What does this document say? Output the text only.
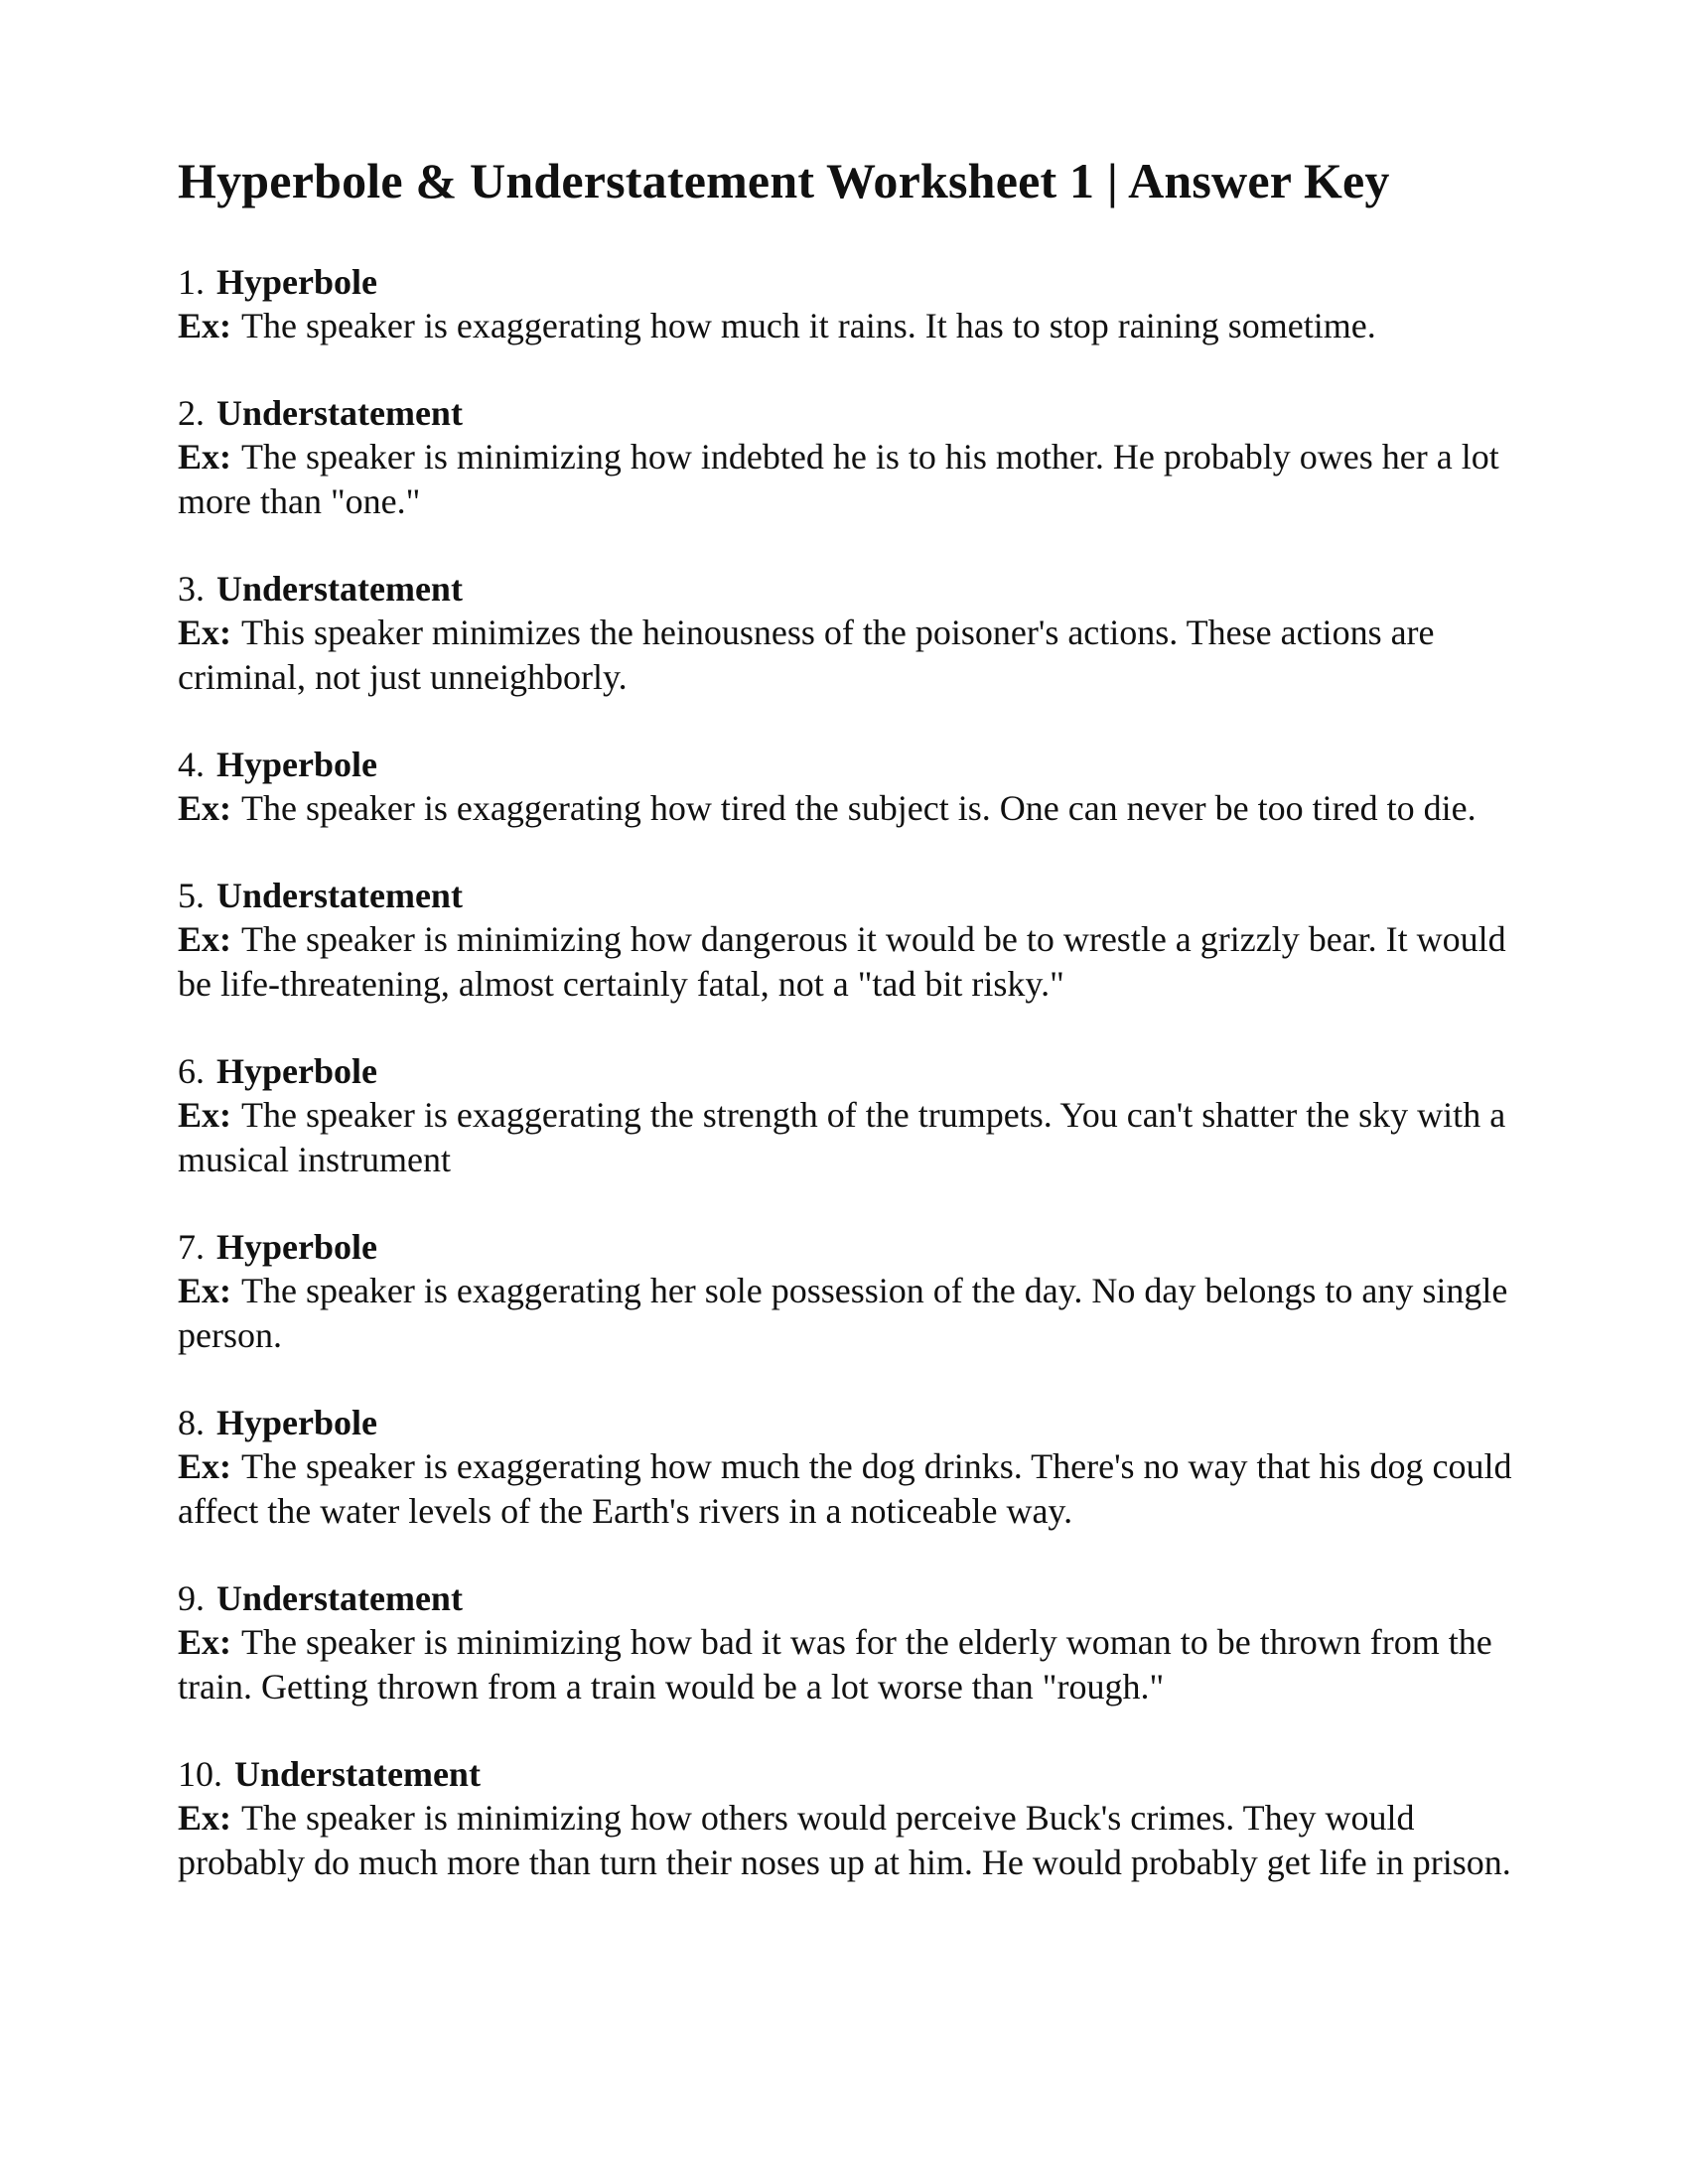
Hyperbole & Understatement Worksheet 1 | Answer Key
1. Hyperbole
Ex: The speaker is exaggerating how much it rains. It has to stop raining sometime.
2. Understatement
Ex: The speaker is minimizing how indebted he is to his mother. He probably owes her a lot more than "one."
3. Understatement
Ex: This speaker minimizes the heinousness of the poisoner's actions. These actions are criminal, not just unneighborly.
4. Hyperbole
Ex: The speaker is exaggerating how tired the subject is. One can never be too tired to die.
5. Understatement
Ex: The speaker is minimizing how dangerous it would be to wrestle a grizzly bear. It would be life-threatening, almost certainly fatal, not a "tad bit risky."
6. Hyperbole
Ex: The speaker is exaggerating the strength of the trumpets. You can't shatter the sky with a musical instrument
7. Hyperbole
Ex: The speaker is exaggerating her sole possession of the day. No day belongs to any single person.
8. Hyperbole
Ex: The speaker is exaggerating how much the dog drinks. There's no way that his dog could affect the water levels of the Earth's rivers in a noticeable way.
9. Understatement
Ex: The speaker is minimizing how bad it was for the elderly woman to be thrown from the train. Getting thrown from a train would be a lot worse than "rough."
10. Understatement
Ex: The speaker is minimizing how others would perceive Buck's crimes. They would probably do much more than turn their noses up at him. He would probably get life in prison.
